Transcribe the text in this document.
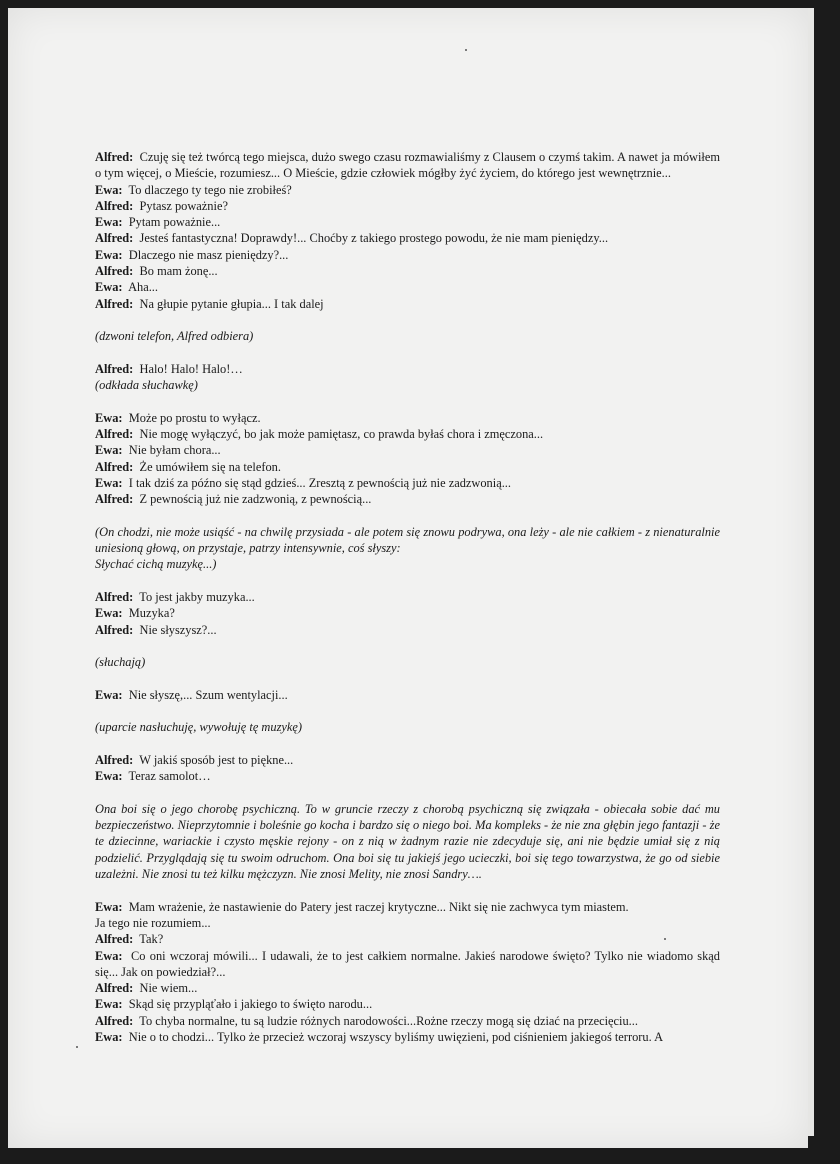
Alfred: Czuję się też twórcą tego miejsca, dużo swego czasu rozmawialiśmy z Clausem o czymś takim. A nawet ja mówiłem o tym więcej, o Mieście, rozumiesz... O Mieście, gdzie człowiek mógłby żyć życiem, do którego jest wewnętrznie...

Ewa: To dlaczego ty tego nie zrobiłeś?

Alfred: Pytasz poważnie?

Ewa: Pytam poważnie...

Alfred: Jesteś fantastyczna! Doprawdy!... Choćby z takiego prostego powodu, że nie mam pieniędzy...

Ewa: Dlaczego nie masz pieniędzy?...

Alfred: Bo mam żonę...

Ewa: Aha...

Alfred: Na głupie pytanie głupia... I tak dalej

(dzwoni telefon, Alfred odbiera)

Alfred: Halo! Halo! Halo!…

(odkłada słuchawkę)

Ewa: Może po prostu to wyłącz.

Alfred: Nie mogę wyłączyć, bo jak może pamiętasz, co prawda byłaś chora i zmęczona...

Ewa: Nie byłam chora...

Alfred: Że umówiłem się na telefon.

Ewa: I tak dziś za późno się stąd gdzieś... Zresztą z pewnością już nie zadzwonią...

Alfred: Z pewnością już nie zadzwonią, z pewnością...

(On chodzi, nie może usiąść - na chwilę przysiada - ale potem się znowu podrywa, ona leży - ale nie całkiem - z nienaturalnie uniesioną głową, on przystaje, patrzy intensywnie, coś słyszy:

Słychać cichą muzykę...)

Alfred: To jest jakby muzyka...

Ewa: Muzyka?

Alfred: Nie słyszysz?...

(słuchają)

Ewa: Nie słyszę,... Szum wentylacji...

(uparcie nasłuchuję, wywołuję tę muzykę)

Alfred: W jakiś sposób jest to piękne...

Ewa: Teraz samolot…

Ona boi się o jego chorobę psychiczną. To w gruncie rzeczy z chorobą psychiczną się związała - obiecała sobie dać mu bezpieczeństwo. Nieprzytomnie i boleśnie go kocha i bardzo się o niego boi. Ma kompleks - że nie zna głębin jego fantazji - że te dziecinne, wariackie i czysto męskie rejony - on z nią w żadnym razie nie zdecyduje się, ani nie będzie umiał się z nią podzielić. Przyglądają się tu swoim odruchom. Ona boi się tu jakiejś jego ucieczki, boi się tego towarzystwa, że go od siebie uzależni. Nie znosi tu też kilku mężczyzn. Nie znosi Melity, nie znosi Sandry….

Ewa: Mam wrażenie, że nastawienie do Patery jest raczej krytyczne... Nikt się nie zachwyca tym miastem.

Ja tego nie rozumiem...

Alfred: Tak?

Ewa: Co oni wczoraj mówili... I udawali, że to jest całkiem normalne. Jakieś narodowe święto? Tylko nie wiadomo skąd się... Jak on powiedział?...

Alfred: Nie wiem...

Ewa: Skąd się przypląťało i jakiego to święto narodu...

Alfred: To chyba normalne, tu są ludzie różnych narodowości...Rożne rzeczy mogą się dziać na przecięciu...

Ewa: Nie o to chodzi... Tylko że przecież wczoraj wszyscy byliśmy uwięzieni, pod ciśnieniem jakiegoś terroru. A
